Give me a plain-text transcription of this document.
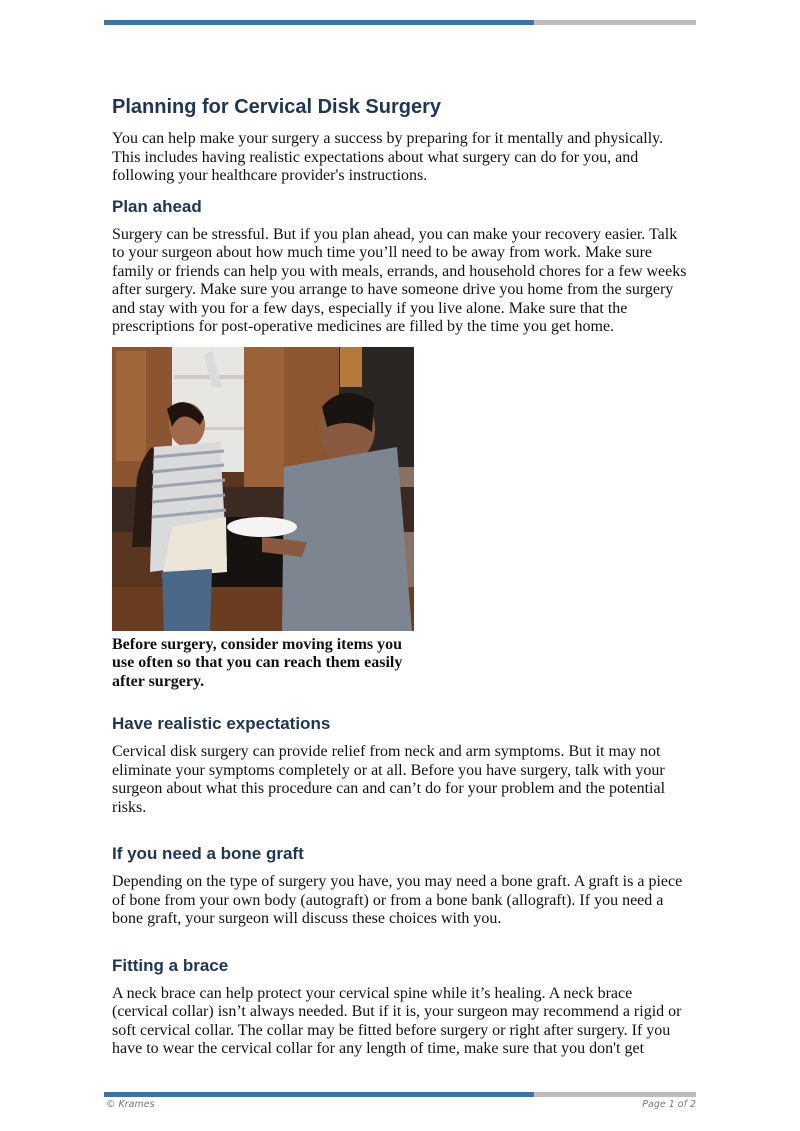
Planning for Cervical Disk Surgery

You can help make your surgery a success by preparing for it mentally and physically. This includes having realistic expectations about what surgery can do for you, and following your healthcare provider's instructions.

Plan ahead

Surgery can be stressful. But if you plan ahead, you can make your recovery easier. Talk to your surgeon about how much time you’ll need to be away from work. Make sure family or friends can help you with meals, errands, and household chores for a few weeks after surgery. Make sure you arrange to have someone drive you home from the surgery and stay with you for a few days, especially if you live alone. Make sure that the prescriptions for post-operative medicines are filled by the time you get home.

Before surgery, consider moving items you use often so that you can reach them easily after surgery.
Have realistic expectations

Cervical disk surgery can provide relief from neck and arm symptoms. But it may not eliminate your symptoms completely or at all. Before you have surgery, talk with your surgeon about what this procedure can and can’t do for your problem and the potential risks.

If you need a bone graft

Depending on the type of surgery you have, you may need a bone graft. A graft is a piece of bone from your own body (autograft) or from a bone bank (allograft). If you need a bone graft, your surgeon will discuss these choices with you.

Fitting a brace

A neck brace can help protect your cervical spine while it’s healing. A neck brace (cervical collar) isn’t always needed. But if it is, your surgeon may recommend a rigid or soft cervical collar. The collar may be fitted before surgery or right after surgery. If you have to wear the cervical collar for any length of time, make sure that you don't get

© Krames	Page 1 of 2
